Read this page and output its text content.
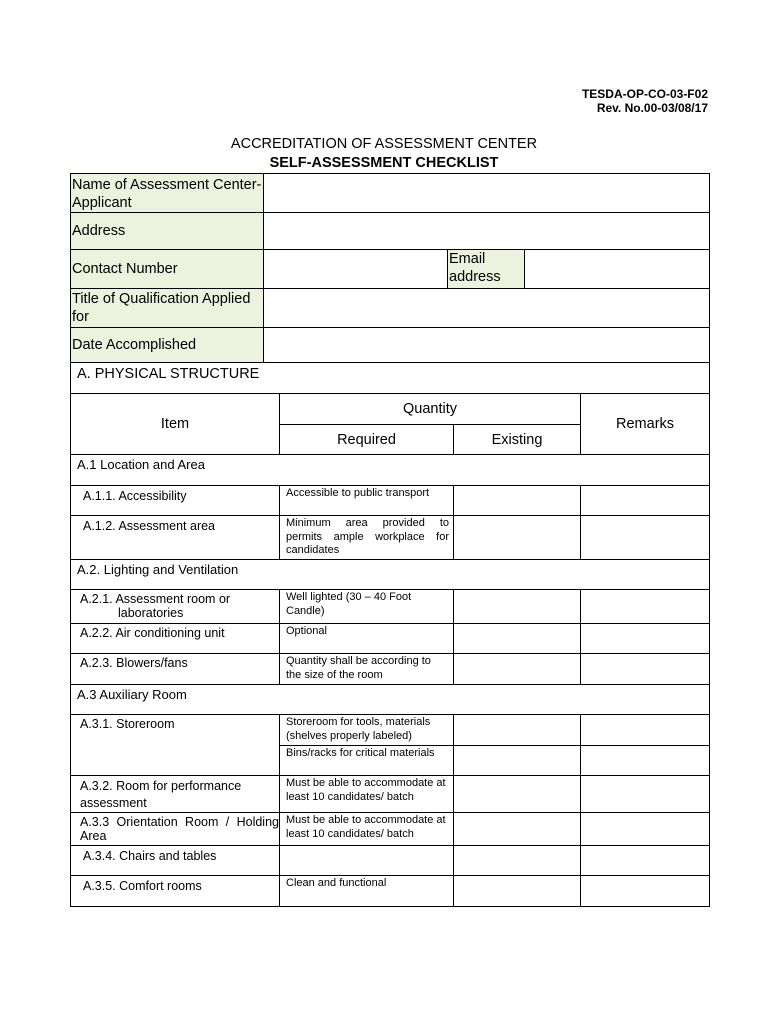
TESDA-OP-CO-03-F02
Rev. No.00-03/08/17
ACCREDITATION OF ASSESSMENT CENTER
SELF-ASSESSMENT CHECKLIST
Name of Assessment Center-Applicant			
Address			
Contact Number		Email address	
Title of Qualification Applied for			
Date Accomplished			
A. PHYSICAL STRUCTURE			
Item	Quantity		Remarks
	Required	Existing	
A.1 Location and Area			
A.1.1. Accessibility	Accessible to public transport		
A.1.2. Assessment area	Minimum area provided to permits ample workplace for candidates		
A.2. Lighting and Ventilation			
A.2.1. Assessment room or
laboratories	Well lighted (30 – 40 Foot Candle)		
A.2.2. Air conditioning unit	Optional		
A.2.3. Blowers/fans	Quantity shall be according to the size of the room		
A.3 Auxiliary Room			
A.3.1. Storeroom	Storeroom for tools, materials (shelves properly labeled)		
	Bins/racks for critical materials		
A.3.2. Room for performance assessment	Must be able to accommodate at least 10 candidates/ batch		
A.3.3 Orientation Room / Holding Area	Must be able to accommodate at least 10 candidates/ batch		
A.3.4. Chairs and tables			
A.3.5. Comfort rooms	Clean and functional		
